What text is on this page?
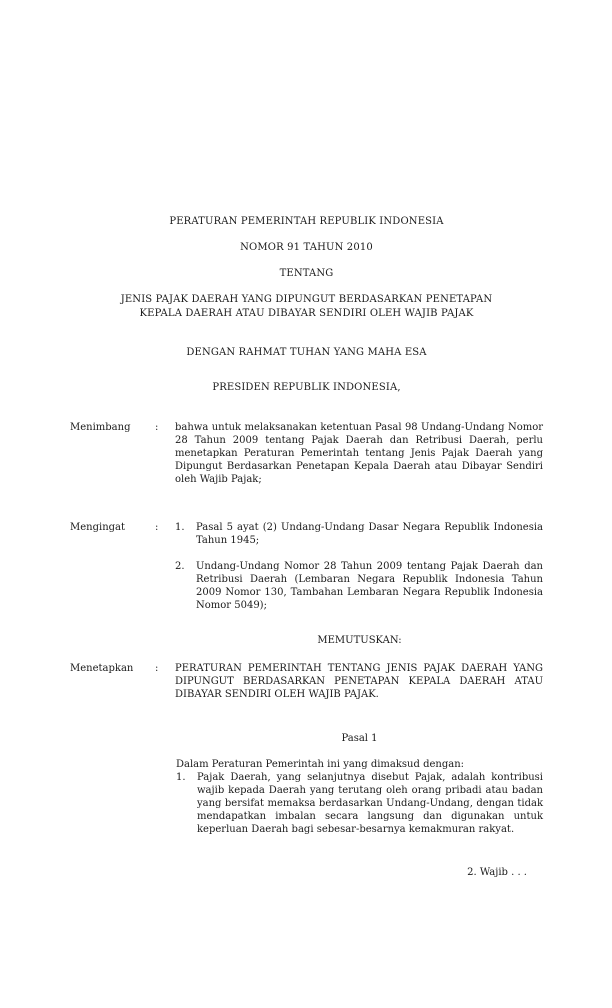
PERATURAN PEMERINTAH REPUBLIK INDONESIA
NOMOR 91 TAHUN 2010
TENTANG
JENIS PAJAK DAERAH YANG DIPUNGUT BERDASARKAN PENETAPAN
KEPALA DAERAH ATAU DIBAYAR SENDIRI OLEH WAJIB PAJAK
DENGAN RAHMAT TUHAN YANG MAHA ESA
PRESIDEN REPUBLIK INDONESIA,
Menimbang	:	bahwa untuk melaksanakan ketentuan Pasal 98 Undang-Undang Nomor 28 Tahun 2009 tentang Pajak Daerah dan Retribusi Daerah, perlu menetapkan Peraturan Pemerintah tentang Jenis Pajak Daerah yang Dipungut Berdasarkan Penetapan Kepala Daerah atau Dibayar Sendiri oleh Wajib Pajak;
Mengingat	:	1.	Pasal 5 ayat (2) Undang-Undang Dasar Negara Republik Indonesia Tahun 1945;
2.	Undang-Undang Nomor 28 Tahun 2009 tentang Pajak Daerah dan Retribusi Daerah (Lembaran Negara Republik Indonesia Tahun 2009 Nomor 130, Tambahan Lembaran Negara Republik Indonesia Nomor 5049);
MEMUTUSKAN:
Menetapkan	:	PERATURAN PEMERINTAH TENTANG JENIS PAJAK DAERAH YANG DIPUNGUT BERDASARKAN PENETAPAN KEPALA DAERAH ATAU DIBAYAR SENDIRI OLEH WAJIB PAJAK.
Pasal 1
Dalam Peraturan Pemerintah ini yang dimaksud dengan:
1.	Pajak Daerah, yang selanjutnya disebut Pajak, adalah kontribusi wajib kepada Daerah yang terutang oleh orang pribadi atau badan yang bersifat memaksa berdasarkan Undang-Undang, dengan tidak mendapatkan imbalan secara langsung dan digunakan untuk keperluan Daerah bagi sebesar-besarnya kemakmuran rakyat.
2. Wajib . . .
